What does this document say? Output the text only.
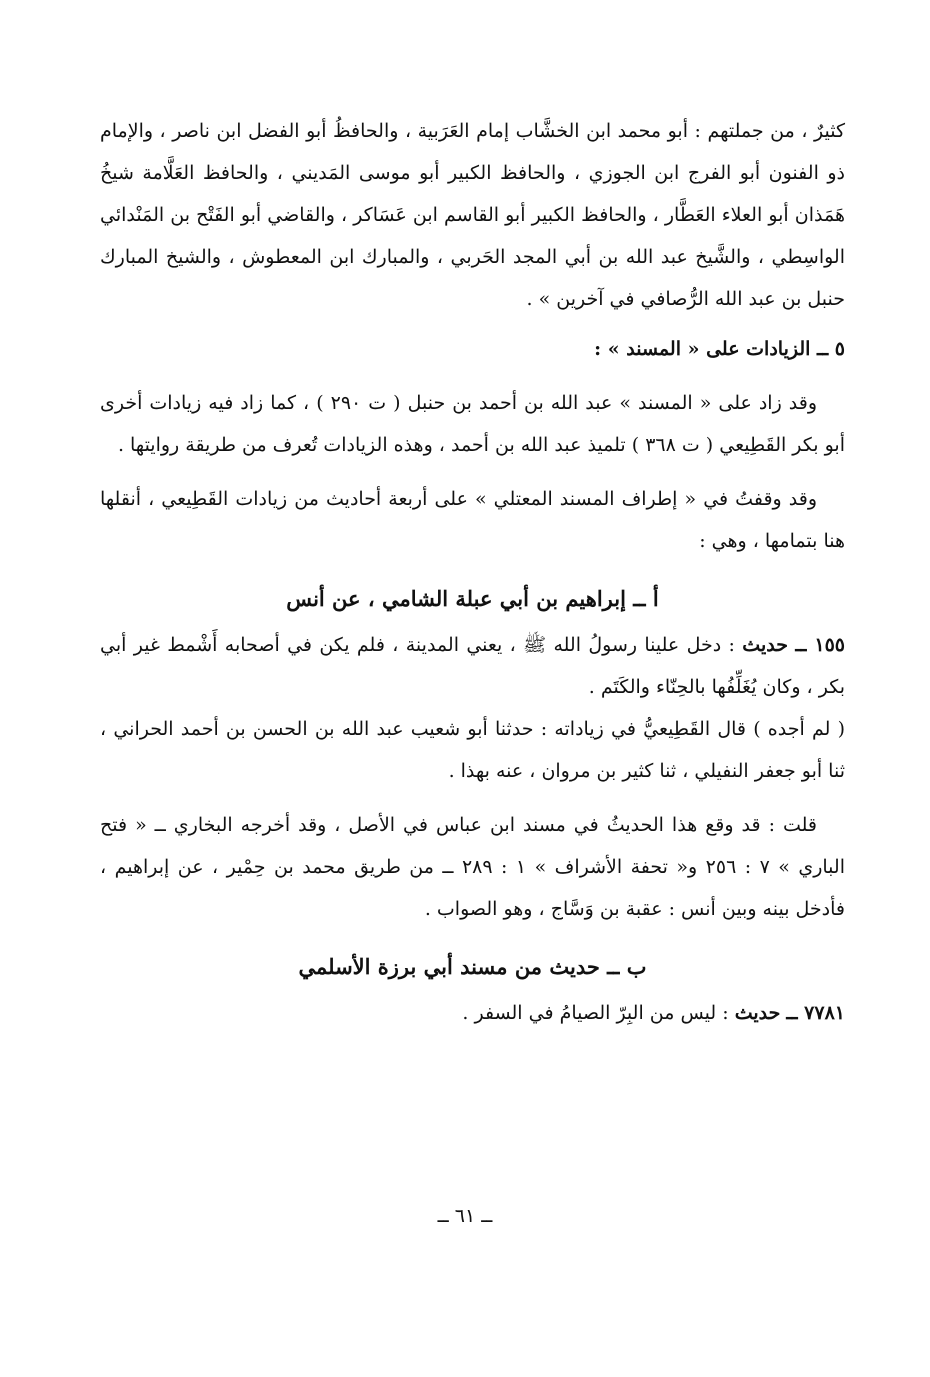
كثيرٌ ، من جملتهم : أبو محمد ابن الخشَّاب إمام العَرَبية ، والحافظُ أبو الفضل ابن ناصر ، والإمام ذو الفنون أبو الفرج ابن الجوزي ، والحافظ الكبير أبو موسى المَديني ، والحافظ العَلَّامة شيخُ هَمَذان أبو العلاء العَطَّار ، والحافظ الكبير أبو القاسم ابن عَسَاكر ، والقاضي أبو الفَتْح بن المَنْدائي الواسِطي ، والشَّيخ عبد الله بن أبي المجد الحَربي ، والمبارك ابن المعطوش ، والشيخ المبارك حنبل بن عبد الله الرُّصافي في آخرين » .

٥ ــ الزيادات على « المسند » :

وقد زاد على « المسند » عبد الله بن أحمد بن حنبل ( ت ٢٩٠ ) ، كما زاد فيه زيادات أخرى أبو بكر القَطِيعي ( ت ٣٦٨ ) تلميذ عبد الله بن أحمد ، وهذه الزيادات تُعرف من طريقة روايتها .

وقد وقفتُ في « إطراف المسند المعتلي » على أربعة أحاديث من زيادات القَطِيعي ، أنقلها هنا بتمامها ، وهي :

أ ــ إبراهيم بن أبي عبلة الشامي ، عن أنس

١٥٥ ــ حديث : دخل علينا رسولُ الله ﷺ ، يعني المدينة ، فلم يكن في أصحابه أَشْمط غير أبي بكر ، وكان يُغَلِّفُها بالحِنّاء والكَتَم .

( لم أجده ) قال القَطِيعيُّ في زياداته : حدثنا أبو شعيب عبد الله بن الحسن بن أحمد الحراني ، ثنا أبو جعفر النفيلي ، ثنا كثير بن مروان ، عنه بهذا .

قلت : قد وقع هذا الحديثُ في مسند ابن عباس في الأصل ، وقد أخرجه البخاري ــ « فتح الباري » ٧ : ٢٥٦ و« تحفة الأشراف » ١ : ٢٨٩ ــ من طريق محمد بن حِمْير ، عن إبراهيم ، فأدخل بينه وبين أنس : عقبة بن وَسَّاج ، وهو الصواب .

ب ــ حديث من مسند أبي برزة الأسلمي

٧٧٨١ ــ حديث : ليس من البِرّ الصيامُ في السفر .

ــ ٦١ ــ
